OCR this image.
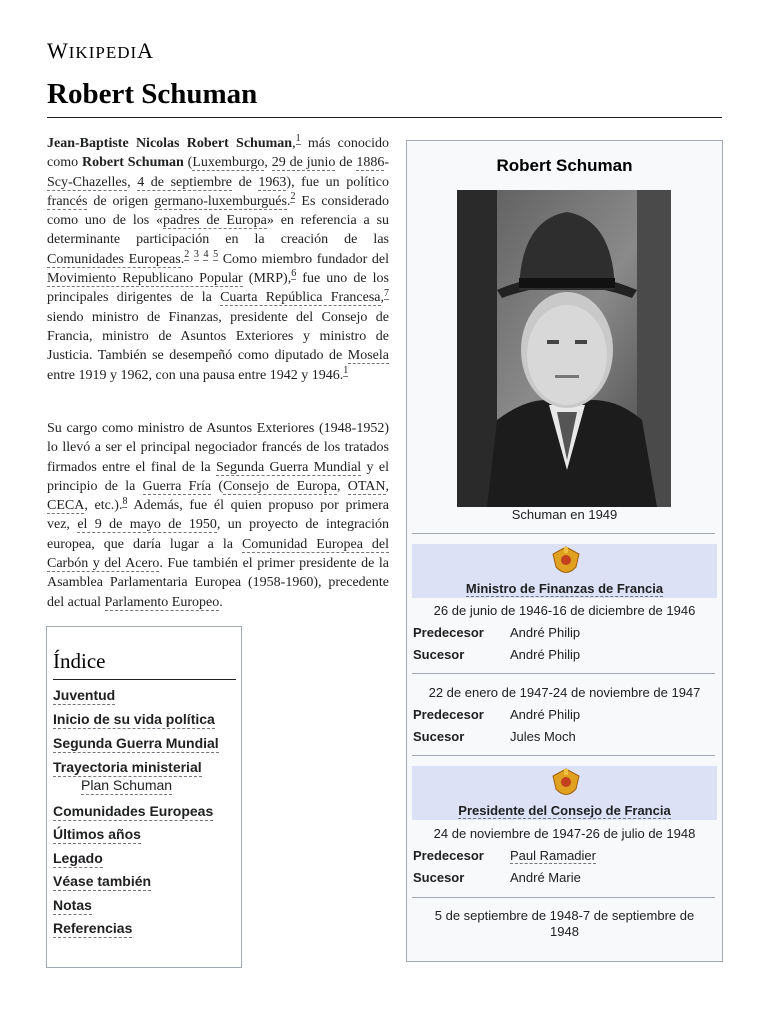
WIKIPEDIA
Robert Schuman

Jean-Baptiste Nicolas Robert Schuman,$^1$ más conocido como Robert Schuman (Luxemburgo, 29 de junio de 1886-Scy-Chazelles, 4 de septiembre de 1963), fue un político francés de origen germano-luxemburgués.$^2$ Es considerado como uno de los «padres de Europa» en referencia a su determinante participación en la creación de las Comunidades Europeas.$^2$ $^3$ $^4$ $^5$ Como miembro fundador del Movimiento Republicano Popular (MRP),$^6$ fue uno de los principales dirigentes de la Cuarta República Francesa,$^7$ siendo ministro de Finanzas, presidente del Consejo de Francia, ministro de Asuntos Exteriores y ministro de Justicia. También se desempeñó como diputado de Mosela entre 1919 y 1962, con una pausa entre 1942 y 1946.$^1$

Su cargo como ministro de Asuntos Exteriores (1948-1952) lo llevó a ser el principal negociador francés de los tratados firmados entre el final de la Segunda Guerra Mundial y el principio de la Guerra Fría (Consejo de Europa, OTAN, CECA, etc.).$^8$ Además, fue él quien propuso por primera vez, el 9 de mayo de 1950, un proyecto de integración europea, que daría lugar a la Comunidad Europea del Carbón y del Acero. Fue también el primer presidente de la Asamblea Parlamentaria Europea (1958-1960), precedente del actual Parlamento Europeo.

Índice
Juventud
Inicio de su vida política
Segunda Guerra Mundial
Trayectoria ministerial
Plan Schuman
Comunidades Europeas
Últimos años
Legado
Véase también
Notas
Referencias
Robert Schuman
Schuman en 1949
Ministro de Finanzas de Francia
26 de junio de 1946-16 de diciembre de 1946
Predecesor André Philip
Sucesor	André Philip
22 de enero de 1947-24 de noviembre de 1947
Predecesor André Philip
Sucesor	Jules Moch
Presidente del Consejo de Francia
24 de noviembre de 1947-26 de julio de 1948
Predecesor Paul Ramadier
Sucesor	André Marie
5 de septiembre de 1948-7 de septiembre de 1948
